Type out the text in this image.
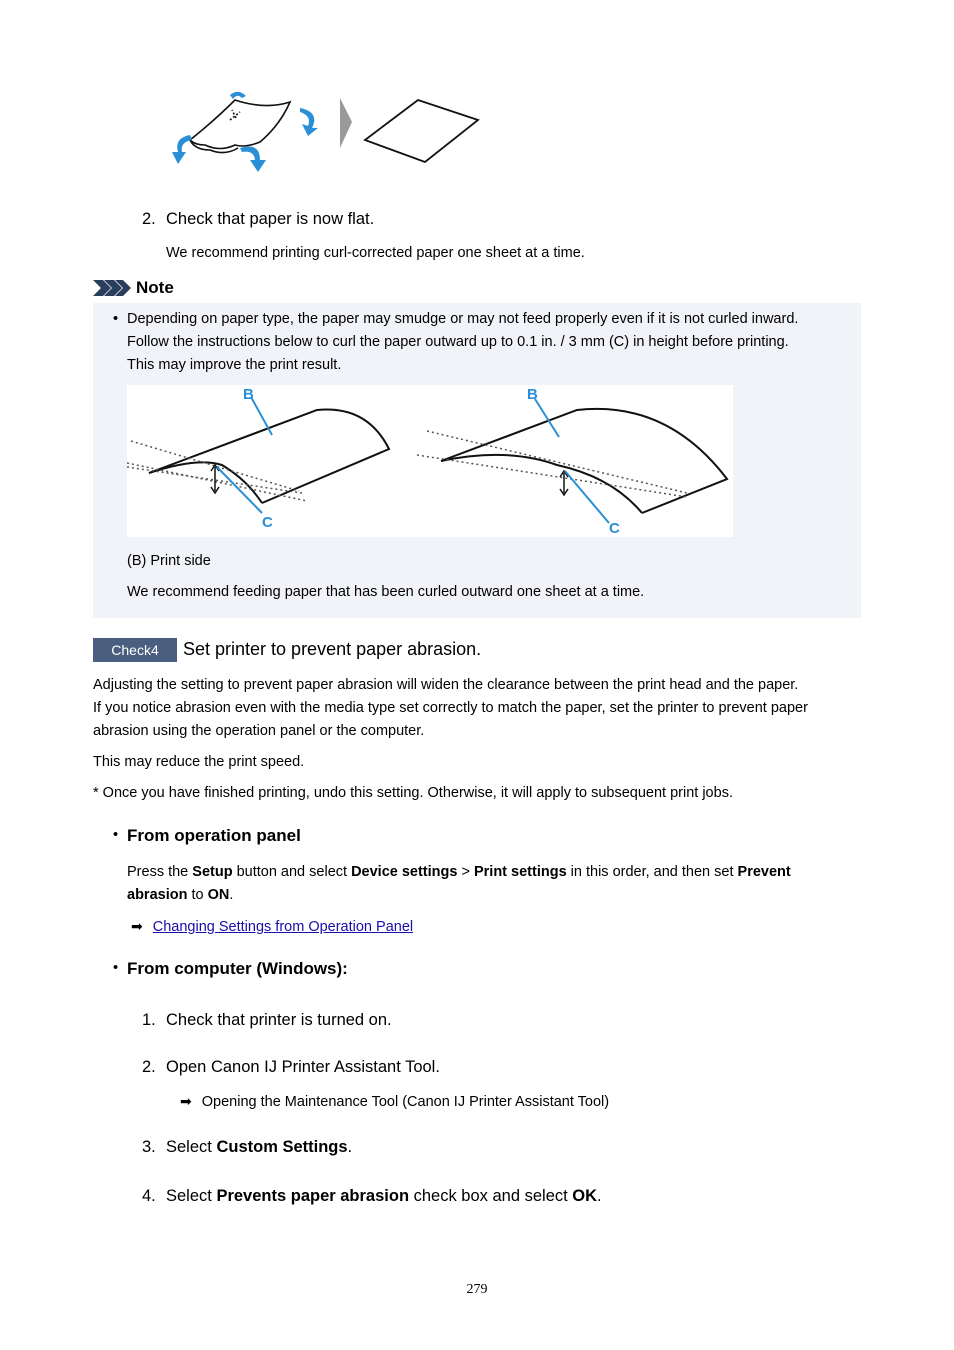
2. Check that paper is now flat.
We recommend printing curl-corrected paper one sheet at a time.
Note
• Depending on paper type, the paper may smudge or may not feed properly even if it is not curled inward.
Follow the instructions below to curl the paper outward up to 0.1 in. / 3 mm (C) in height before printing.
This may improve the print result.
B
C
B
C
(B) Print side
We recommend feeding paper that has been curled outward one sheet at a time.
Check4	Set printer to prevent paper abrasion.
Adjusting the setting to prevent paper abrasion will widen the clearance between the print head and the paper.
If you notice abrasion even with the media type set correctly to match the paper, set the printer to prevent paper
abrasion using the operation panel or the computer.
This may reduce the print speed.
* Once you have finished printing, undo this setting. Otherwise, it will apply to subsequent print jobs.
• From operation panel
Press the Setup button and select Device settings > Print settings in this order, and then set Prevent
abrasion to ON.
➡ Changing Settings from Operation Panel
• From computer (Windows):
1. Check that printer is turned on.
2. Open Canon IJ Printer Assistant Tool.
➡ Opening the Maintenance Tool (Canon IJ Printer Assistant Tool)
3. Select Custom Settings.
4. Select Prevents paper abrasion check box and select OK.
279
